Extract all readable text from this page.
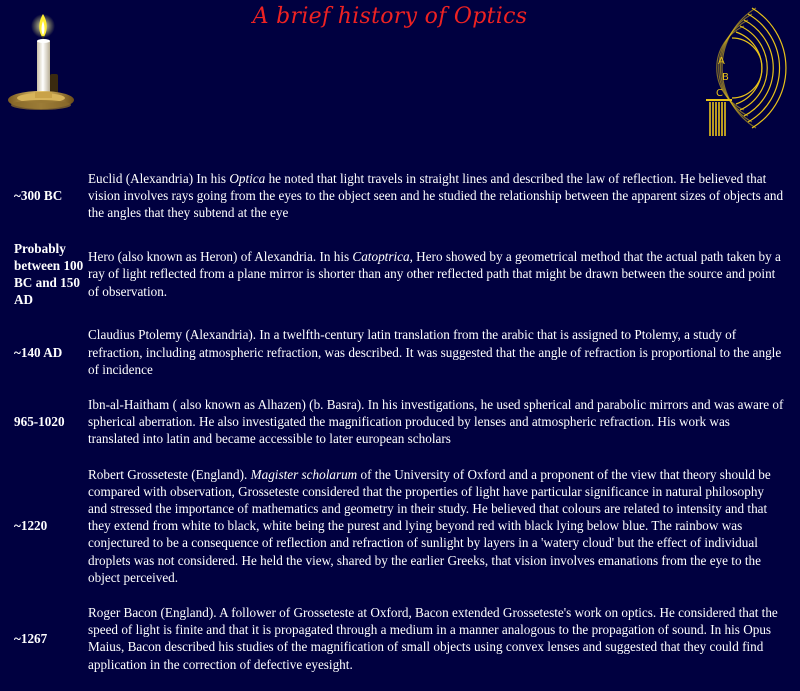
A brief history of Optics
A
B
C
~300 BC	Euclid (Alexandria) In his Optica he noted that light travels in straight lines and described the law of reflection. He believed that vision involves rays going from the eyes to the object seen and he studied the relationship between the apparent sizes of objects and the angles that they subtend at the eye
Probably between 100 BC and 150 AD	Hero (also known as Heron) of Alexandria. In his Catoptrica, Hero showed by a geometrical method that the actual path taken by a ray of light reflected from a plane mirror is shorter than any other reflected path that might be drawn between the source and point of observation.
~140 AD	Claudius Ptolemy (Alexandria). In a twelfth-century latin translation from the arabic that is assigned to Ptolemy, a study of refraction, including atmospheric refraction, was described. It was suggested that the angle of refraction is proportional to the angle of incidence
965-1020	Ibn-al-Haitham ( also known as Alhazen) (b. Basra). In his investigations, he used spherical and parabolic mirrors and was aware of spherical aberration. He also investigated the magnification produced by lenses and atmospheric refraction. His work was translated into latin and became accessible to later european scholars
~1220	Robert Grosseteste (England). Magister scholarum of the University of Oxford and a proponent of the view that theory should be compared with observation, Grosseteste considered that the properties of light have particular significance in natural philosophy and stressed the importance of mathematics and geometry in their study. He believed that colours are related to intensity and that they extend from white to black, white being the purest and lying beyond red with black lying below blue. The rainbow was conjectured to be a consequence of reflection and refraction of sunlight by layers in a 'watery cloud' but the effect of individual droplets was not considered. He held the view, shared by the earlier Greeks, that vision involves emanations from the eye to the object perceived.
~1267	Roger Bacon (England). A follower of Grosseteste at Oxford, Bacon extended Grosseteste's work on optics. He considered that the speed of light is finite and that it is propagated through a medium in a manner analogous to the propagation of sound. In his Opus Maius, Bacon described his studies of the magnification of small objects using convex lenses and suggested that they could find application in the correction of defective eyesight.
